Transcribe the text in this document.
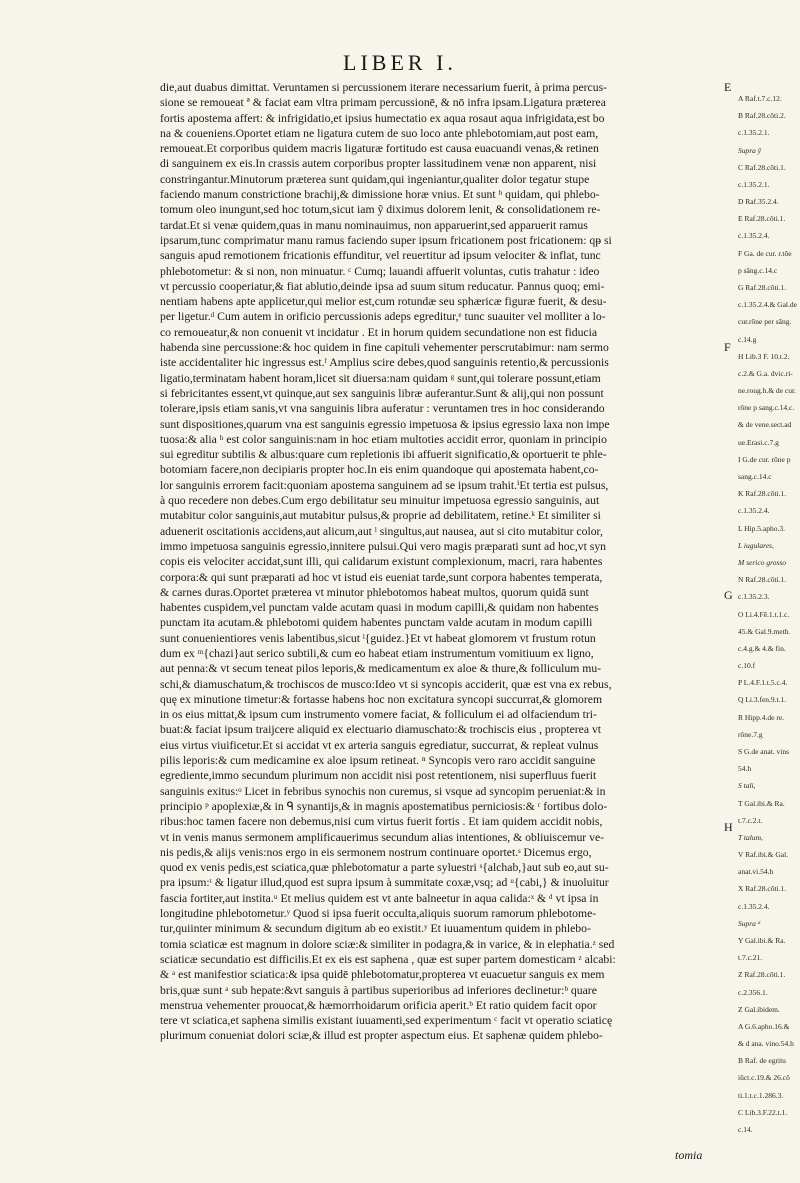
LIBER I.
die,aut duabus dimittat. Veruntamen si percussionem iterare necessarium fuerit, à prima percus-
sione se remoueat ª & faciat eam vltra primam percussionē, & nō infra ipsam.Ligatura præterea
fortis apostema affert: & infrigidatio,et ipsius humectatio ex aqua rosaut aqua infrigidata,est bo
na & coueniens.Oportet etiam ne ligatura cutem de suo loco ante phlebotomiam,aut post eam,
remoueat.Et corporibus quidem macris ligaturæ fortitudo est causa euacuandi venas,& retinen
di sanguinem ex eis.In crassis autem corporibus propter lassitudinem venæ non apparent, nisi
constringantur.Minutorum præterea sunt quidam,qui ingeniantur,qualiter dolor tegatur stupe
faciendo manum constrictione brachij,& dimissione horæ vnius. Et sunt ᵇ quidam, qui phlebo-
tomum oleo inungunt,sed hoc totum,sicut iam ỹ diximus dolorem lenit, & consolidationem re-
tardat.Et si venæ quidem,quas in manu nominauimus, non apparuerint,sed apparuerit ramus
ipsarum,tunc comprimatur manu ramus faciendo super ipsum fricationem post fricationem: qᵽ si
sanguis apud remotionem fricationis effunditur, vel reuertitur ad ipsum velociter & inflat, tunc
phlebotometur: & si non, non minuatur. ᶜ Cumq; lauandi affuerit voluntas, cutis trahatur : ideo
vt percussio cooperiatur,& fiat ablutio,deinde ipsa ad suum situm reducatur. Pannus quoq; emi-
nentiam habens apte applicetur,qui melior est,cum rotundæ seu sphæricæ figuræ fuerit, & desu-
per ligetur.ᵈ Cum autem in orificio percussionis adeps egreditur,ᵉ tunc suauiter vel molliter a lo-
co remoueatur,& non conuenit vt incidatur . Et in horum quidem secundatione non est fiducia
habenda sine percussione:& hoc quidem in fine capituli vehementer perscrutabimur: nam sermo
iste accidentaliter hic ingressus est.ᶠ Amplius scire debes,quod sanguinis retentio,& percussionis
ligatio,terminatam habent horam,licet sit diuersa:nam quidam ᵍ sunt,qui tolerare possunt,etiam
si febricitantes essent,vt quinque,aut sex sanguinis libræ auferantur.Sunt & alij,qui non possunt
tolerare,ipsis etiam sanis,vt vna sanguinis libra auferatur : veruntamen tres in hoc considerando
sunt dispositiones,quarum vna est sanguinis egressio impetuosa & ipsius egressio laxa non impe
tuosa:& alia ʰ est color sanguinis:nam in hoc etiam multoties accidit error, quoniam in principio
sui egreditur subtilis & albus:quare cum repletionis ibi affuerit significatio,& oportuerit te phle-
botomiam facere,non decipiaris propter hoc.In eis enim quandoque qui apostemata habent,co-
lor sanguinis errorem facit:quoniam apostema sanguinem ad se ipsum trahit.ⁱEt tertia est pulsus,
à quo recedere non debes.Cum ergo debilitatur seu minuitur impetuosa egressio sanguinis, aut
mutabitur color sanguinis,aut mutabitur pulsus,& proprie ad debilitatem, retine.ᵏ Et similiter si
aduenerit oscitationis accidens,aut alicum,aut ˡ singultus,aut nausea, aut si cito mutabitur color,
immo impetuosa sanguinis egressio,innitere pulsui.Qui vero magis præparati sunt ad hoc,vt syn
copis eis velociter accidat,sunt illi, qui calidarum existunt complexionum, macri, rara habentes
corpora:& qui sunt præparati ad hoc vt istud eis eueniat tarde,sunt corpora habentes temperata,
& carnes duras.Oportet præterea vt minutor phlebotomos habeat multos, quorum quidā sunt
habentes cuspidem,vel punctam valde acutam quasi in modum capilli,& quidam non habentes
punctam ita acutam.& phlebotomi quidem habentes punctam valde acutam in modum capilli
sunt conuenientiores venis labentibus,sicut ˡ{guidez.}Et vt habeat glomorem vt frustum rotun
dum ex ᵐ{chazi}aut serico subtili,& cum eo habeat etiam instrumentum vomitiuum ex ligno,
aut penna:& vt secum teneat pilos leporis,& medicamentum ex aloe & thure,& folliculum mu-
schi,& diamuschatum,& trochiscos de musco:Ideo vt si syncopis acciderit, quæ est vna ex rebus,
quę ex minutione timetur:& fortasse habens hoc non excitatura syncopi succurrat,& glomorem
in os eius mittat,& ipsum cum instrumento vomere faciat, & folliculum ei ad olfaciendum tri-
buat:& faciat ipsum traijcere aliquid ex electuario diamuschato:& trochiscis eius , propterea vt
eius virtus viuificetur.Et si accidat vt ex arteria sanguis egrediatur, succurrat, & repleat vulnus
pilis leporis:& cum medicamine ex aloe ipsum retineat. ⁿ Syncopis vero raro accidit sanguine
egrediente,immo secundum plurimum non accidit nisi post retentionem, nisi superfluus fuerit
sanguinis exitus:ᵒ Licet in febribus synochis non curemus, si vsque ad syncopim perueniat:& in
principio ᵖ apoplexiæ,& in ᑫ synantijs,& in magnis apostematibus perniciosis:& ʳ fortibus dolo-
ribus:hoc tamen facere non debemus,nisi cum virtus fuerit fortis . Et iam quidem accidit nobis,
vt in venis manus sermonem amplificauerimus secundum alias intentiones, & obliuiscemur ve-
nis pedis,& alijs venis:nos ergo in eis sermonem nostrum continuare oportet.ˢ Dicemus ergo,
quod ex venis pedis,est sciatica,quæ phlebotomatur a parte syluestri ˢ{alchab,}aut sub eo,aut su-
pra ipsum:ᵗ & ligatur illud,quod est supra ipsum à summitate coxæ,vsq; ad ᵘ{cabi,} & inuoluitur
fascia fortiter,aut instita.ᵘ Et melius quidem est vt ante balneetur in aqua calida:ˣ & ᵈ vt ipsa in
longitudine phlebotometur.ʸ Quod si ipsa fuerit occulta,aliquis suorum ramorum phlebotome-
tur,quiinter minimum & secundum digitum ab eo existit.ʸ Et iuuamentum quidem in phlebo-
tomia sciaticæ est magnum in dolore sciæ:& similiter in podagra,& in varice, & in elephatia.ᶻ sed
sciaticæ secundatio est difficilis.Et ex eis est saphena , quæ est super partem domesticam ᶻ alcabi:
& ᵃ est manifestior sciatica:& ipsa quidē phlebotomatur,propterea vt euacuetur sanguis ex mem
bris,quæ sunt ᵃ sub hepate:&vt sanguis à partibus superioribus ad inferiores declinetur:ᵇ quare
menstrua vehementer prouocat,& hæmorrhoidarum orificia aperit.ᵇ Et ratio quidem facit opor
tere vt sciatica,et saphena similis existant iuuamenti,sed experimentum ᶜ facit vt operatio sciaticę
plurimum conueniat dolori sciæ,& illud est propter aspectum eius. Et saphenæ quidem phlebo-
E
F
G
H
A Raf.t.7.c.12.
B Raf.28.cōti.2.
c.1.35.2.1.
Supra ỹ
C Raf.28.cōti.1.
c.1.35.2.1.
D Raf.35.2.4.
E Raf.28.cōti.1.
c.1.35.2.4.
F Ga. de cur. r.tōe
p sāng.c.14.c
G Raf.28.cōti.1.
c.1.35.2.4.& Gal.de
cur.rōne per sāng.
c.14.g
H Lib.3 F. 10.t.2.
c.2.& G.a. dvic.ri-
ne.roug.h.& de cur.
rōne p sang.c.14.c.
& de vene.sect.ad
ue.Erasi.c.7.g
I G.de cur. rōne p
sang.c.14.c
K Raf.28.cōti.1.
c.1.35.2.4.
L Hip.5.apho.3.
L iugulares,
M serico grosso
N Raf.28.cōti.1.
c.1.35.2.3.
O Li.4.Fē.1.t.1.c.
45.& Gal.9.meth.
c.4.g.& 4.& fin.
c.10.f
P L.4.F.1.t.5.c.4.
Q Li.3.fen.9.t.1.
R Hipp.4.de re.
rōne.7.g
S G.de anat. vins
54.h
S tali,
T Gal.ibi.& Ra.
t.7.c.2.t.
T talum,
V Raf.ibi.& Gal.
anat.vi.54.h
X Raf.28.cōti.1.
c.1.35.2.4.
Supra ᵈ
Y Gal.ibi.& Ra.
t.7.c.21.
Z Raf.28.cōti.1.
c.2.356.1.
Z Gal.ibidem.
A G.6.apho.16.&
& d ana. vino.54.h
B Raf. de egritu
iūct.c.19.& 26.cō
ti.1.t.c.1.286.3.
C Lib.3.F.22.t.1.
c.14.
tomia
